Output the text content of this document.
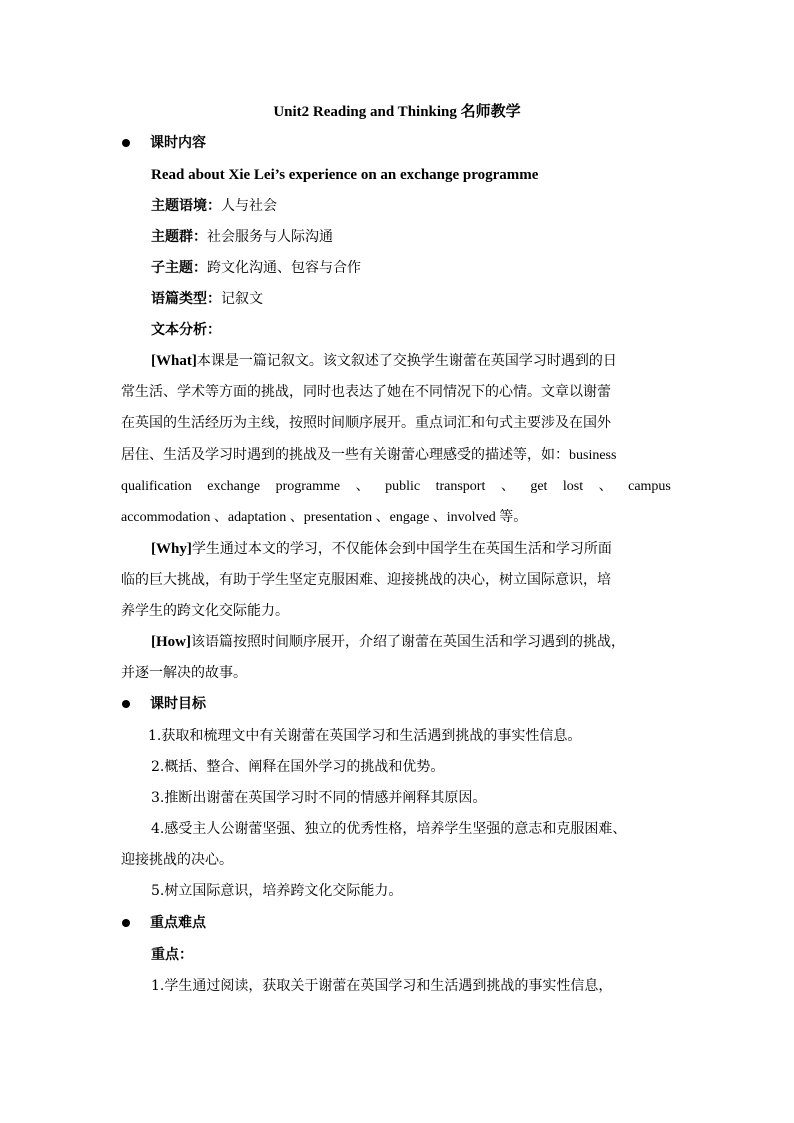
Unit2 Reading and Thinking 名师教学
课时内容
Read about Xie Lei’s experience on an exchange programme
主题语境：人与社会
主题群：社会服务与人际沟通
子主题：跨文化沟通、包容与合作
语篇类型：记叙文
文本分析：
[What]本课是一篇记叙文。该文叙述了交换学生谢蕾在英国学习时遇到的日
常生活、学术等方面的挑战，同时也表达了她在不同情况下的心情。文章以谢蕾
在英国的生活经历为主线，按照时间顺序展开。重点词汇和句式主要涉及在国外
居住、生活及学习时遇到的挑战及一些有关谢蕾心理感受的描述等，如：business
qualification exchange programme 、 public transport 、 get lost 、 campus
accommodation 、adaptation 、presentation 、engage 、involved 等。
[Why]学生通过本文的学习，不仅能体会到中国学生在英国生活和学习所面
临的巨大挑战，有助于学生坚定克服困难、迎接挑战的决心，树立国际意识，培
养学生的跨文化交际能力。
[How]该语篇按照时间顺序展开，介绍了谢蕾在英国生活和学习遇到的挑战，
并逐一解决的故事。
课时目标
1.获取和梳理文中有关谢蕾在英国学习和生活遇到挑战的事实性信息。
2.概括、整合、阐释在国外学习的挑战和优势。
3.推断出谢蕾在英国学习时不同的情感并阐释其原因。
4.感受主人公谢蕾坚强、独立的优秀性格，培养学生坚强的意志和克服困难、
迎接挑战的决心。
5.树立国际意识，培养跨文化交际能力。
重点难点
重点：
1.学生通过阅读，获取关于谢蕾在英国学习和生活遇到挑战的事实性信息，
